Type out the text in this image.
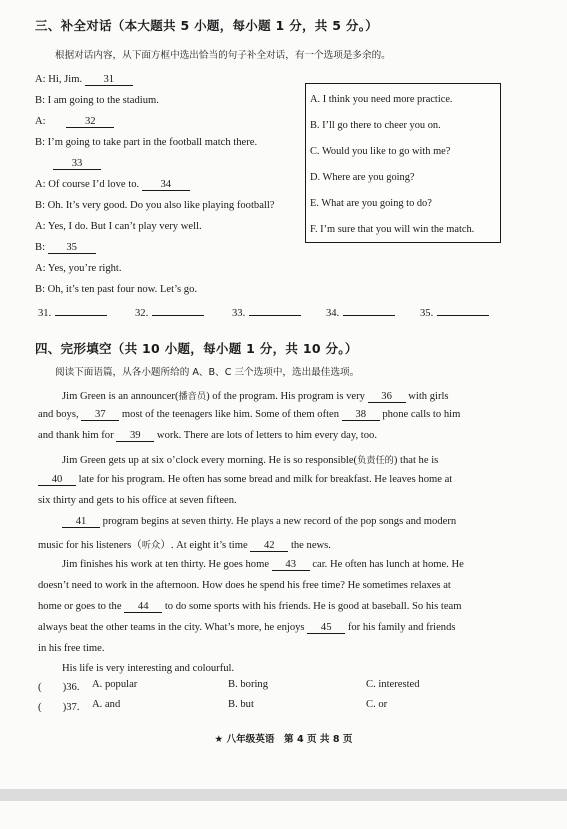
三、补全对话（本大题共 5 小题，每小题 1 分，共 5 分。）
根据对话内容，从下面方框中选出恰当的句子补全对话，有一个选项是多余的。
A: Hi, Jim. 31
B: I am going to the stadium.
A:	32
B: I’m going to take part in the football match there.
33
A: Of course I’d love to. 34
B: Oh. It’s very good. Do you also like playing football?
A: Yes, I do. But I can’t play very well.
B: 35
A: Yes, you’re right.
B: Oh, it’s ten past four now. Let’s go.
A. I think you need more practice.
B. I’ll go there to cheer you on.
C. Would you like to go with me?
D. Where are you going?
E. What are you going to do?
F. I’m sure that you will win the match.
31.	32.	33.	34.	35.
四、完形填空（共 10 小题，每小题 1 分，共 10 分。）
阅读下面语篇，从各小题所给的 A、B、C 三个选项中，选出最佳选项。
Jim Green is an announcer(播音员) of the program. His program is very 36 with girls
and boys, 37 most of the teenagers like him. Some of them often 38 phone calls to him
and thank him for 39 work. There are lots of letters to him every day, too.
Jim Green gets up at six o’clock every morning. He is so responsible(负责任的) that he is
40 late for his program. He often has some bread and milk for breakfast. He leaves home at
six thirty and gets to his office at seven fifteen.
41 program begins at seven thirty. He plays a new record of the pop songs and modern
music for his listeners（听众）. At eight it’s time 42 the news.
Jim finishes his work at ten thirty. He goes home 43 car. He often has lunch at home. He
doesn’t need to work in the afternoon. How does he spend his free time? He sometimes relaxes at
home or goes to the 44 to do some sports with his friends. He is good at baseball. So his team
always beat the other teams in the city. What’s more, he enjoys 45 for his family and friends
in his free time.
His life is very interesting and colourful.
(　　)36. A. popular	B. boring	C. interested
(　　)37. A. and	B. but	C. or
★ 八年级英语　第 4 页 共 8 页
